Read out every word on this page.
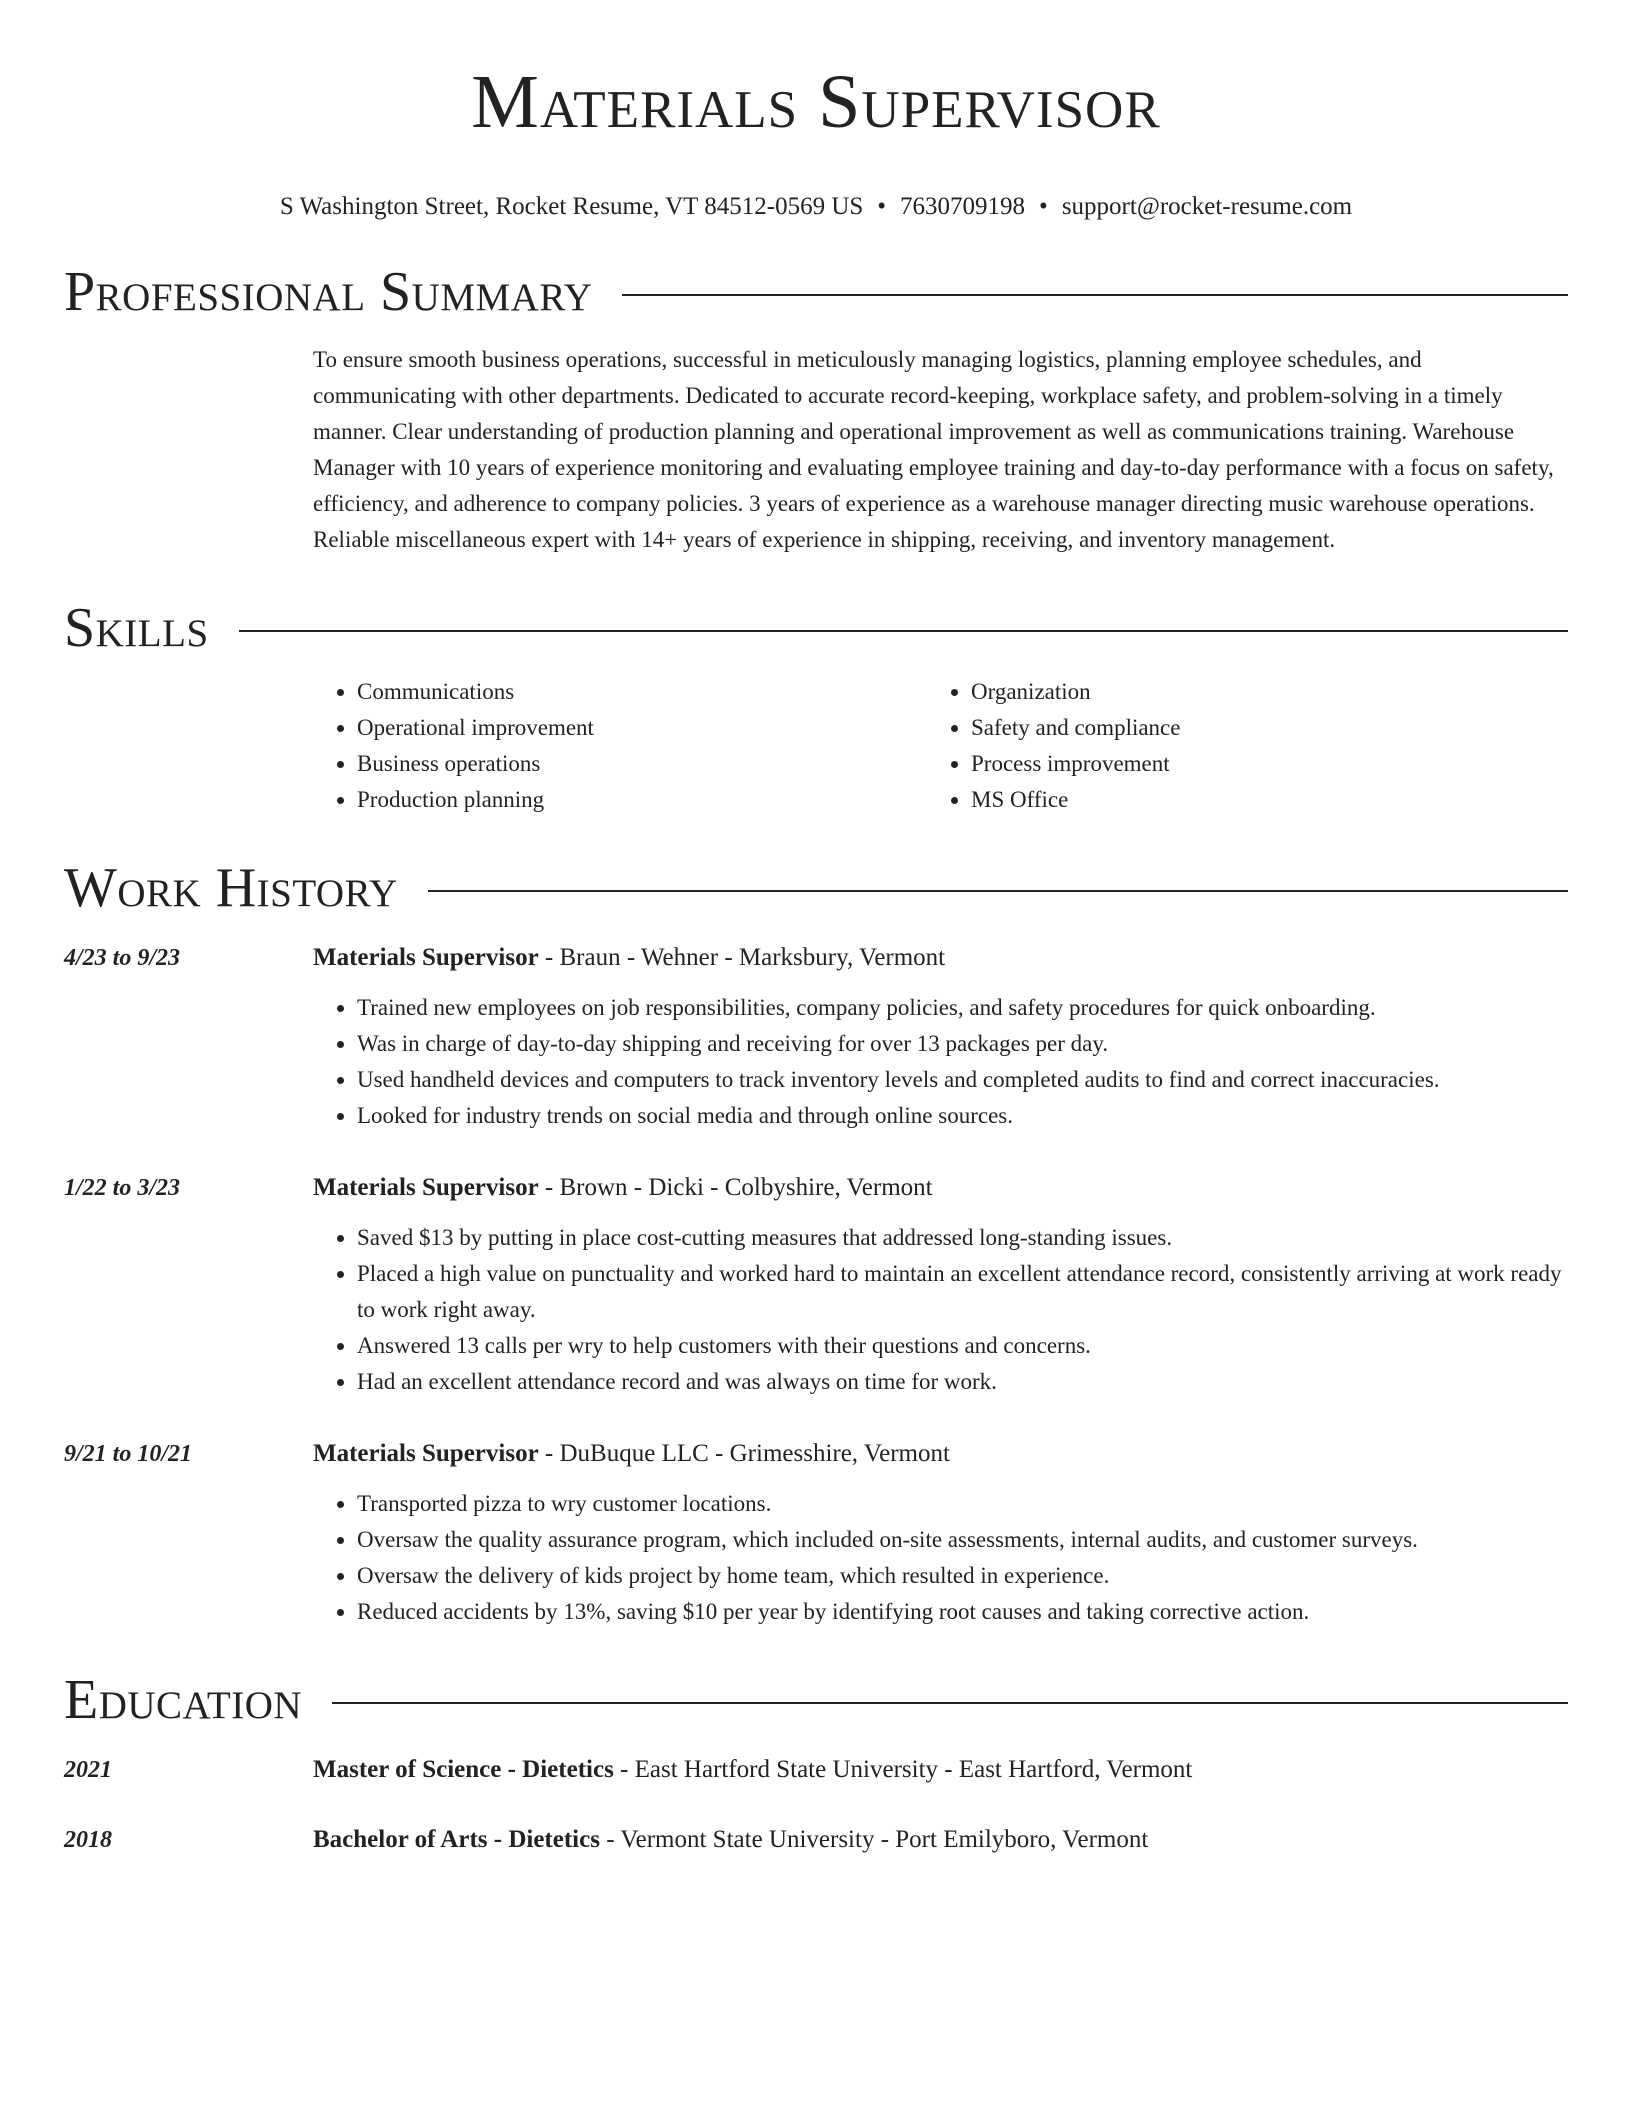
Materials Supervisor
S Washington Street, Rocket Resume, VT 84512-0569 US • 7630709198 • support@rocket-resume.com
Professional Summary
To ensure smooth business operations, successful in meticulously managing logistics, planning employee schedules, and communicating with other departments. Dedicated to accurate record-keeping, workplace safety, and problem-solving in a timely manner. Clear understanding of production planning and operational improvement as well as communications training. Warehouse Manager with 10 years of experience monitoring and evaluating employee training and day-to-day performance with a focus on safety, efficiency, and adherence to company policies. 3 years of experience as a warehouse manager directing music warehouse operations. Reliable miscellaneous expert with 14+ years of experience in shipping, receiving, and inventory management.
Skills
• Communications
• Operational improvement
• Business operations
• Production planning
• Organization
• Safety and compliance
• Process improvement
• MS Office
Work History
4/23 to 9/23	Materials Supervisor - Braun - Wehner - Marksbury, Vermont
• Trained new employees on job responsibilities, company policies, and safety procedures for quick onboarding.
• Was in charge of day-to-day shipping and receiving for over 13 packages per day.
• Used handheld devices and computers to track inventory levels and completed audits to find and correct inaccuracies.
• Looked for industry trends on social media and through online sources.
1/22 to 3/23	Materials Supervisor - Brown - Dicki - Colbyshire, Vermont
• Saved $13 by putting in place cost-cutting measures that addressed long-standing issues.
• Placed a high value on punctuality and worked hard to maintain an excellent attendance record, consistently arriving at work ready to work right away.
• Answered 13 calls per wry to help customers with their questions and concerns.
• Had an excellent attendance record and was always on time for work.
9/21 to 10/21	Materials Supervisor - DuBuque LLC - Grimesshire, Vermont
• Transported pizza to wry customer locations.
• Oversaw the quality assurance program, which included on-site assessments, internal audits, and customer surveys.
• Oversaw the delivery of kids project by home team, which resulted in experience.
• Reduced accidents by 13%, saving $10 per year by identifying root causes and taking corrective action.
Education
2021	Master of Science - Dietetics - East Hartford State University - East Hartford, Vermont
2018	Bachelor of Arts - Dietetics - Vermont State University - Port Emilyboro, Vermont
